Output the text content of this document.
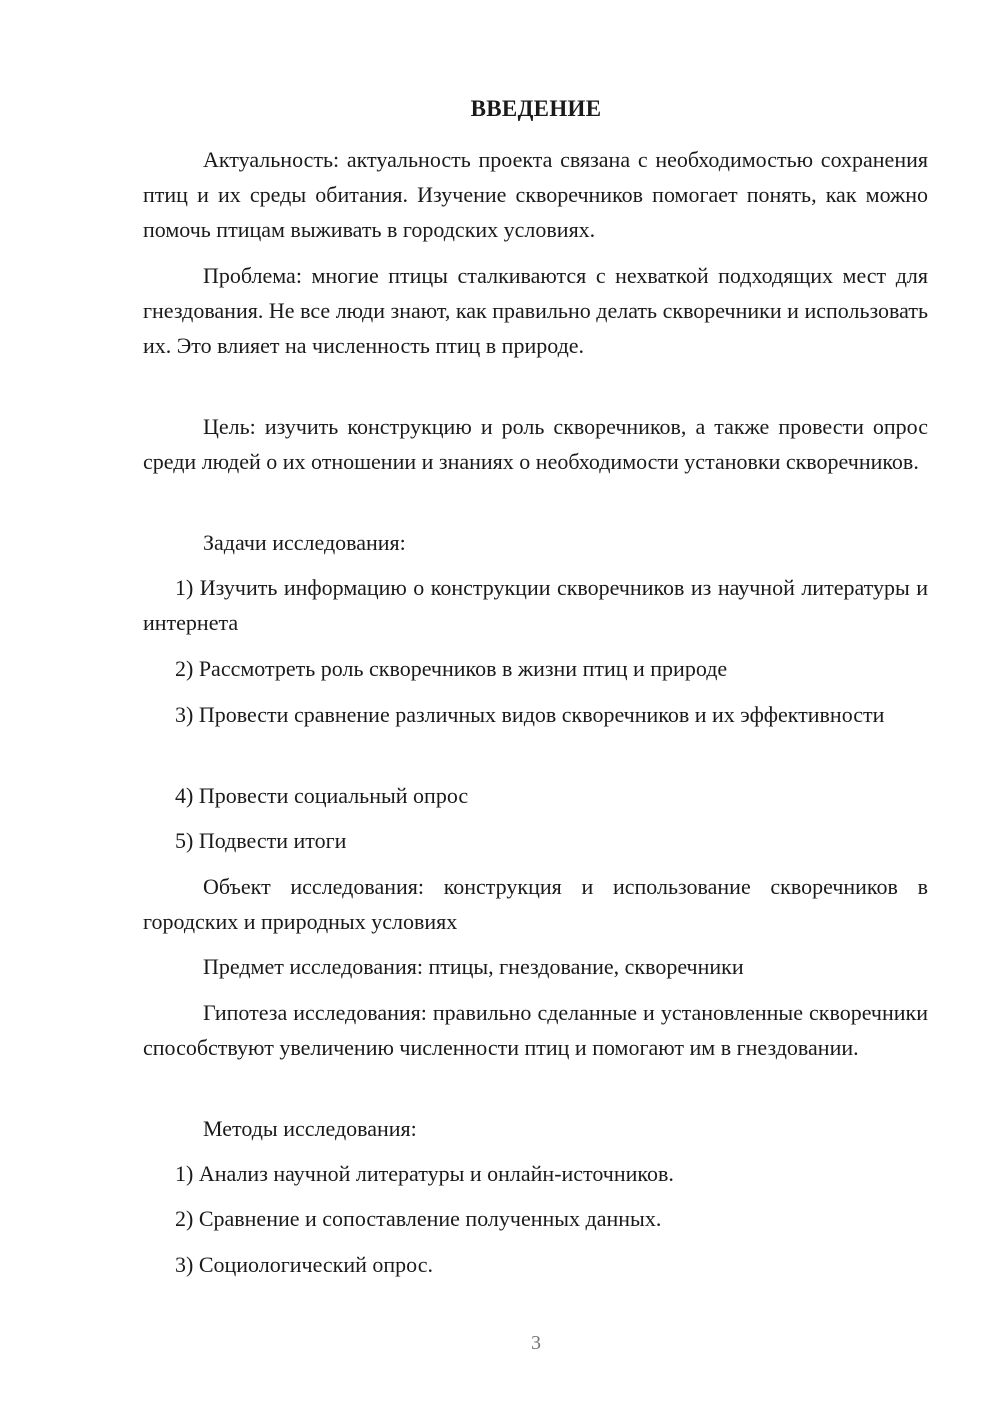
ВВЕДЕНИЕ

Актуальность: актуальность проекта связана с необходимостью сохранения птиц и их среды обитания. Изучение скворечников помогает понять, как можно помочь птицам выживать в городских условиях.

Проблема: многие птицы сталкиваются с нехваткой подходящих мест для гнездования. Не все люди знают, как правильно делать скворечники и использовать их. Это влияет на численность птиц в природе.

Цель: изучить конструкцию и роль скворечников, а также провести опрос среди людей о их отношении и знаниях о необходимости установки скворечников.

Задачи исследования:

1) Изучить информацию о конструкции скворечников из научной литературы и интернета

2) Рассмотреть роль скворечников в жизни птиц и природе

3) Провести сравнение различных видов скворечников и их эффективности

4) Провести социальный опрос

5) Подвести итоги

Объект исследования: конструкция и использование скворечников в городских и природных условиях

Предмет исследования: птицы, гнездование, скворечники

Гипотеза исследования: правильно сделанные и установленные скворечники способствуют увеличению численности птиц и помогают им в гнездовании.

Методы исследования:

1) Анализ научной литературы и онлайн-источников.

2) Сравнение и сопоставление полученных данных.

3) Социологический опрос.

3
